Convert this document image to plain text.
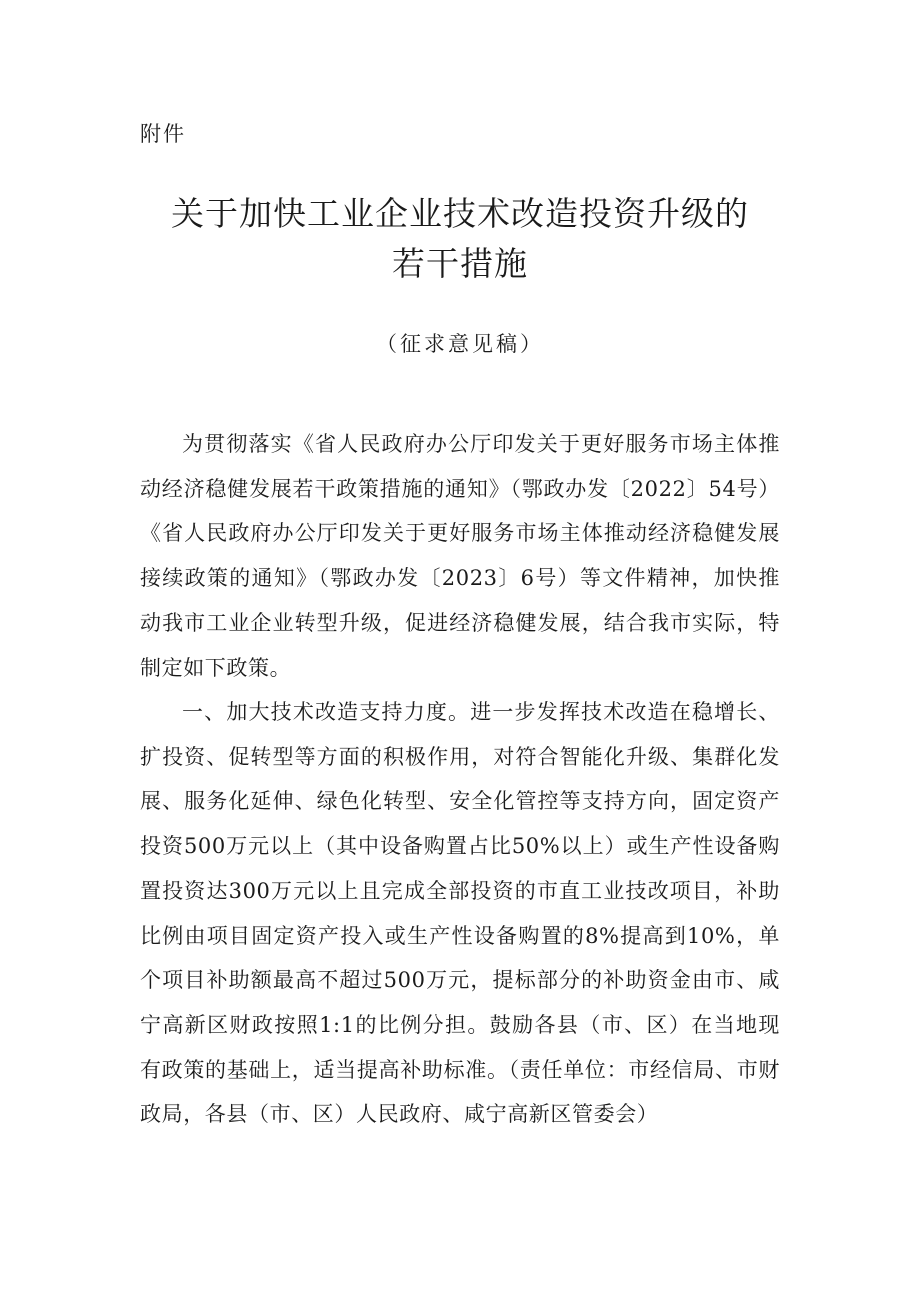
附件
关于加快工业企业技术改造投资升级的
若干措施
（征求意见稿）

为贯彻落实《省人民政府办公厅印发关于更好服务市场主体推动经济稳健发展若干政策措施的通知》（鄂政办发〔2022〕54号）《省人民政府办公厅印发关于更好服务市场主体推动经济稳健发展接续政策的通知》（鄂政办发〔2023〕6号）等文件精神，加快推动我市工业企业转型升级，促进经济稳健发展，结合我市实际，特制定如下政策。

一、加大技术改造支持力度。进一步发挥技术改造在稳增长、扩投资、促转型等方面的积极作用，对符合智能化升级、集群化发展、服务化延伸、绿色化转型、安全化管控等支持方向，固定资产投资500万元以上（其中设备购置占比50%以上）或生产性设备购置投资达300万元以上且完成全部投资的市直工业技改项目，补助比例由项目固定资产投入或生产性设备购置的8%提高到10%，单个项目补助额最高不超过500万元，提标部分的补助资金由市、咸宁高新区财政按照1:1的比例分担。鼓励各县（市、区）在当地现有政策的基础上，适当提高补助标准。（责任单位：市经信局、市财政局，各县（市、区）人民政府、咸宁高新区管委会）
